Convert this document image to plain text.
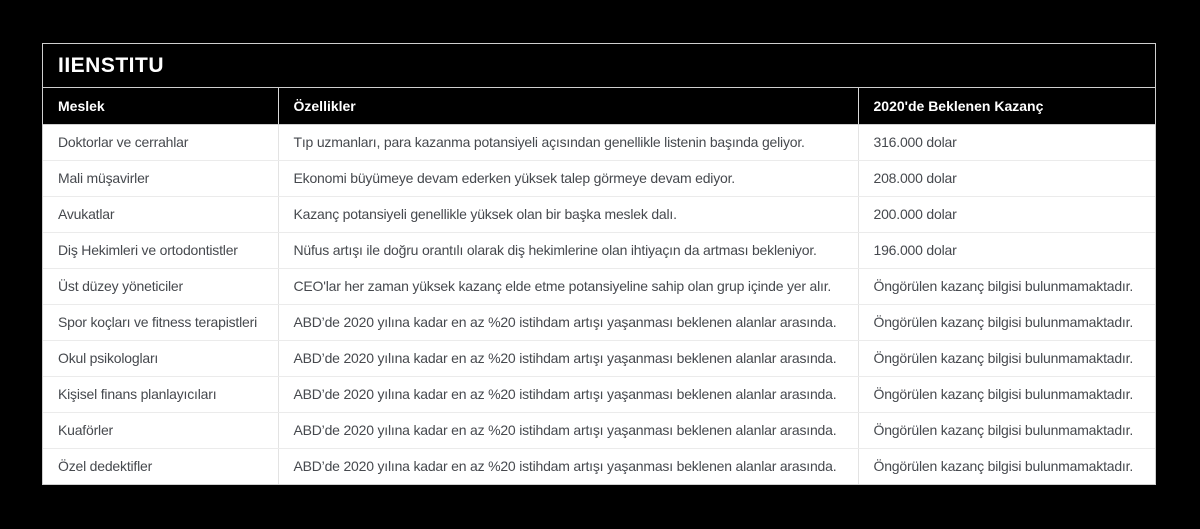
IIENSTITU
Meslek	Özellikler	2020'de Beklenen Kazanç
Doktorlar ve cerrahlar	Tıp uzmanları, para kazanma potansiyeli açısından genellikle listenin başında geliyor.	316.000 dolar
Mali müşavirler	Ekonomi büyümeye devam ederken yüksek talep görmeye devam ediyor.	208.000 dolar
Avukatlar	Kazanç potansiyeli genellikle yüksek olan bir başka meslek dalı.	200.000 dolar
Diş Hekimleri ve ortodontistler	Nüfus artışı ile doğru orantılı olarak diş hekimlerine olan ihtiyaçın da artması bekleniyor.	196.000 dolar
Üst düzey yöneticiler	CEO'lar her zaman yüksek kazanç elde etme potansiyeline sahip olan grup içinde yer alır.	Öngörülen kazanç bilgisi bulunmamaktadır.
Spor koçları ve fitness terapistleri	ABD’de 2020 yılına kadar en az %20 istihdam artışı yaşanması beklenen alanlar arasında.	Öngörülen kazanç bilgisi bulunmamaktadır.
Okul psikologları	ABD’de 2020 yılına kadar en az %20 istihdam artışı yaşanması beklenen alanlar arasında.	Öngörülen kazanç bilgisi bulunmamaktadır.
Kişisel finans planlayıcıları	ABD’de 2020 yılına kadar en az %20 istihdam artışı yaşanması beklenen alanlar arasında.	Öngörülen kazanç bilgisi bulunmamaktadır.
Kuaförler	ABD’de 2020 yılına kadar en az %20 istihdam artışı yaşanması beklenen alanlar arasında.	Öngörülen kazanç bilgisi bulunmamaktadır.
Özel dedektifler	ABD’de 2020 yılına kadar en az %20 istihdam artışı yaşanması beklenen alanlar arasında.	Öngörülen kazanç bilgisi bulunmamaktadır.
